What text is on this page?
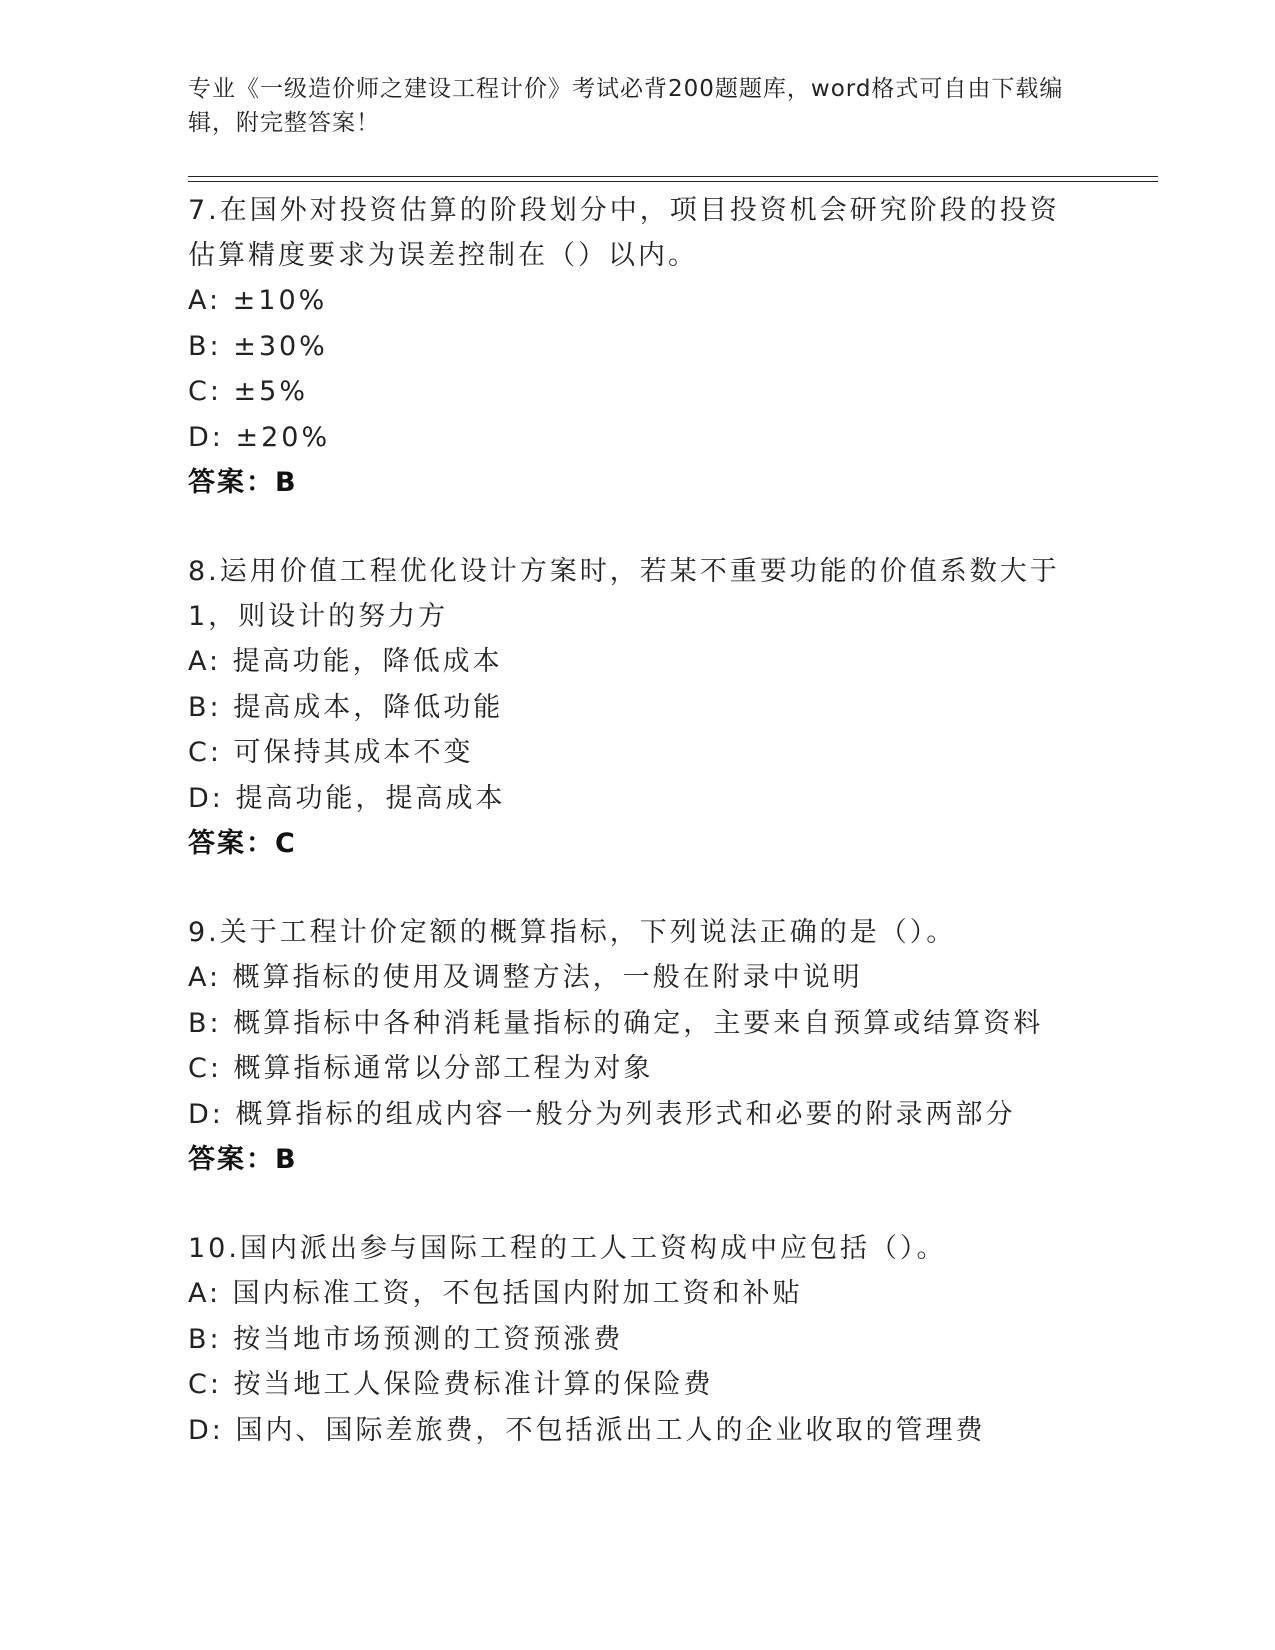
专业《一级造价师之建设工程计价》考试必背200题题库，word格式可自由下载编辑，附完整答案！

7.在国外对投资估算的阶段划分中，项目投资机会研究阶段的投资估算精度要求为误差控制在（）以内。

A: ±10%

B: ±30%

C: ±5%

D: ±20%

答案：B

8.运用价值工程优化设计方案时，若某不重要功能的价值系数大于1，则设计的努力方

A: 提高功能，降低成本

B: 提高成本，降低功能

C: 可保持其成本不变

D: 提高功能，提高成本

答案：C

9.关于工程计价定额的概算指标，下列说法正确的是（）。

A: 概算指标的使用及调整方法，一般在附录中说明

B: 概算指标中各种消耗量指标的确定，主要来自预算或结算资料

C: 概算指标通常以分部工程为对象

D: 概算指标的组成内容一般分为列表形式和必要的附录两部分

答案：B

10.国内派出参与国际工程的工人工资构成中应包括（）。

A: 国内标准工资，不包括国内附加工资和补贴

B: 按当地市场预测的工资预涨费

C: 按当地工人保险费标准计算的保险费

D: 国内、国际差旅费，不包括派出工人的企业收取的管理费
